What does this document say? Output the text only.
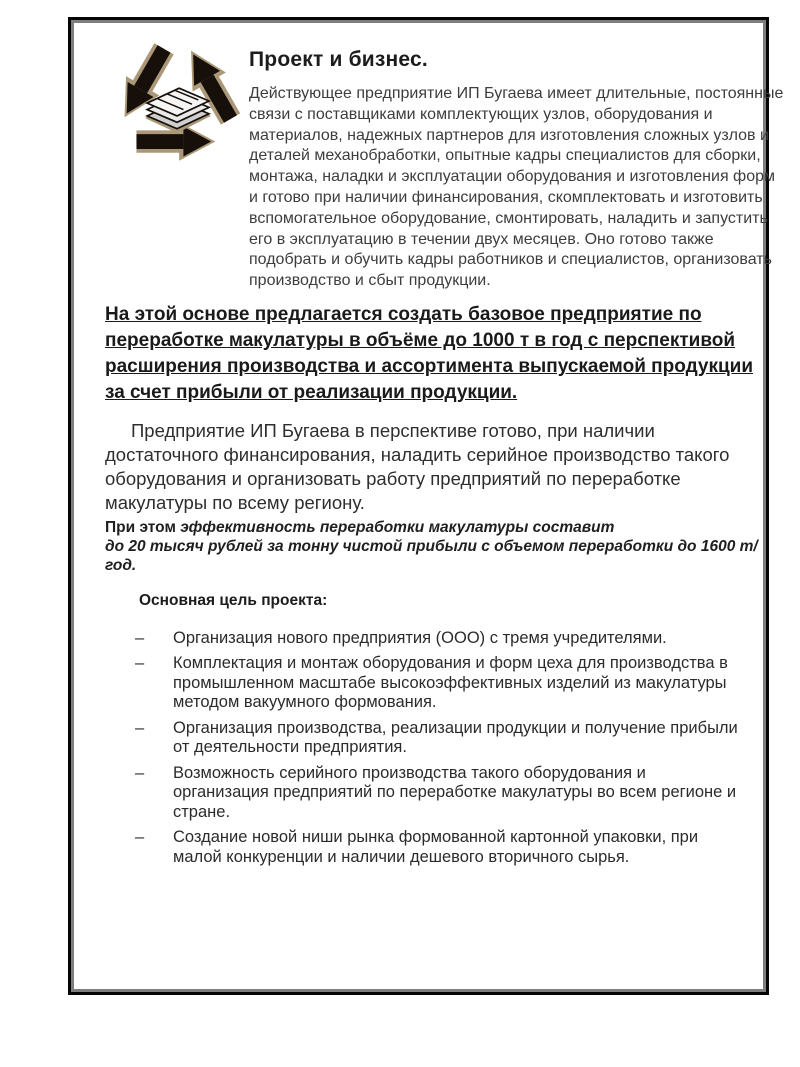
Проект и бизнес.

Действующее предприятие ИП Бугаева имеет длительные, постоянные связи с поставщиками комплектующих узлов, оборудования и материалов, надежных партнеров для изготовления сложных узлов и деталей механобработки, опытные кадры специалистов для сборки, монтажа, наладки и эксплуатации оборудования и изготовления форм и готово при наличии финансирования, скомплектовать и изготовить вспомогательное оборудование, смонтировать, наладить и запустить его в эксплуатацию в течении двух месяцев. Оно готово также подобрать и обучить кадры работников и специалистов, организовать производство и сбыт продукции.

На этой основе предлагается создать базовое предприятие по переработке макулатуры в объёме до 1000 т в год с перспективой расширения производства и ассортимента выпускаемой продукции за счет прибыли от реализации продукции.

Предприятие ИП Бугаева в перспективе готово, при наличии достаточного финансирования, наладить серийное производство такого оборудования и организовать работу предприятий по переработке макулатуры по всему региону.

При этом эффективность переработки макулатуры составит
до 20 тысяч рублей за тонну чистой прибыли с объемом переработки до 1600 т/год.

Основная цель проекта:

–	Организация нового предприятия (ООО) с тремя учредителями.
–	Комплектация и монтаж оборудования и форм цеха для производства в промышленном масштабе высокоэффективных изделий из макулатуры методом вакуумного формования.
–	Организация производства, реализации продукции и получение прибыли от деятельности предприятия.
–	Возможность серийного производства такого оборудования и организация предприятий по переработке макулатуры во всем регионе и стране.
–	Создание новой ниши рынка формованной картонной упаковки, при малой конкуренции и наличии дешевого вторичного сырья.
